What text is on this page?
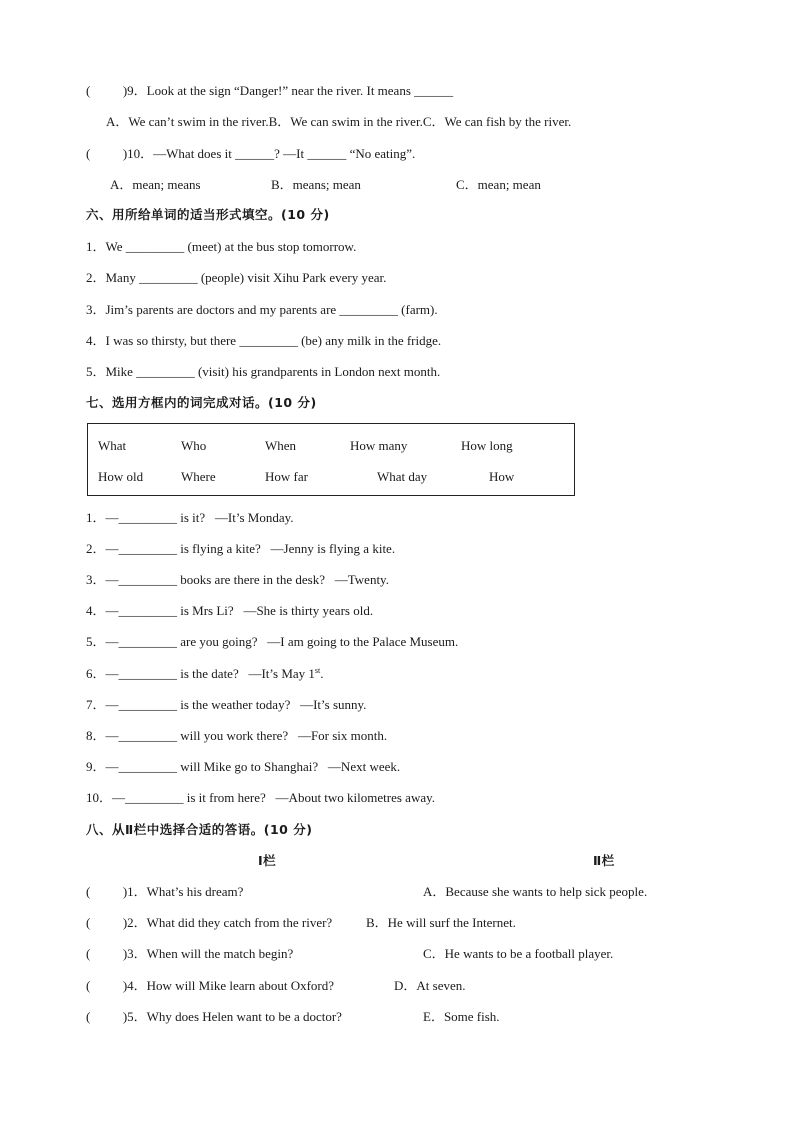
(          )9．Look at the sign “Danger!” near the river. It means ______
A．We can’t swim in the river.B．We can swim in the river.C．We can fish by the river.
(          )10．—What does it ______? —It ______ “No eating”.
A．mean; means	B．means; mean	C．mean; mean
六、用所给单词的适当形式填空。(10 分)
1．We _________ (meet) at the bus stop tomorrow.
2．Many _________ (people) visit Xihu Park every year.
3．Jim’s parents are doctors and my parents are _________ (farm).
4．I was so thirsty, but there _________ (be) any milk in the fridge.
5．Mike _________ (visit) his grandparents in London next month.
七、选用方框内的词完成对话。(10 分)
What	Who	When	How many	How long
How old	Where	How far	What day	How
1．—_________ is it?   —It’s Monday.
2．—_________ is flying a kite?   —Jenny is flying a kite.
3．—_________ books are there in the desk?   —Twenty.
4．—_________ is Mrs Li?   —She is thirty years old.
5．—_________ are you going?   —I am going to the Palace Museum.
6．—_________ is the date?   —It’s May 1st.
7．—_________ is the weather today?   —It’s sunny.
8．—_________ will you work there?   —For six month.
9．—_________ will Mike go to Shanghai?   —Next week.
10．—_________ is it from here?   —About two kilometres away.
八、从Ⅱ栏中选择合适的答语。(10 分)
Ⅰ栏	Ⅱ栏
(          )1．What’s his dream?	A．Because she wants to help sick people.
(          )2．What did they catch from the river?	B．He will surf the Internet.
(          )3．When will the match begin?	C．He wants to be a football player.
(          )4．How will Mike learn about Oxford?	D．At seven.
(          )5．Why does Helen want to be a doctor?	E．Some fish.
